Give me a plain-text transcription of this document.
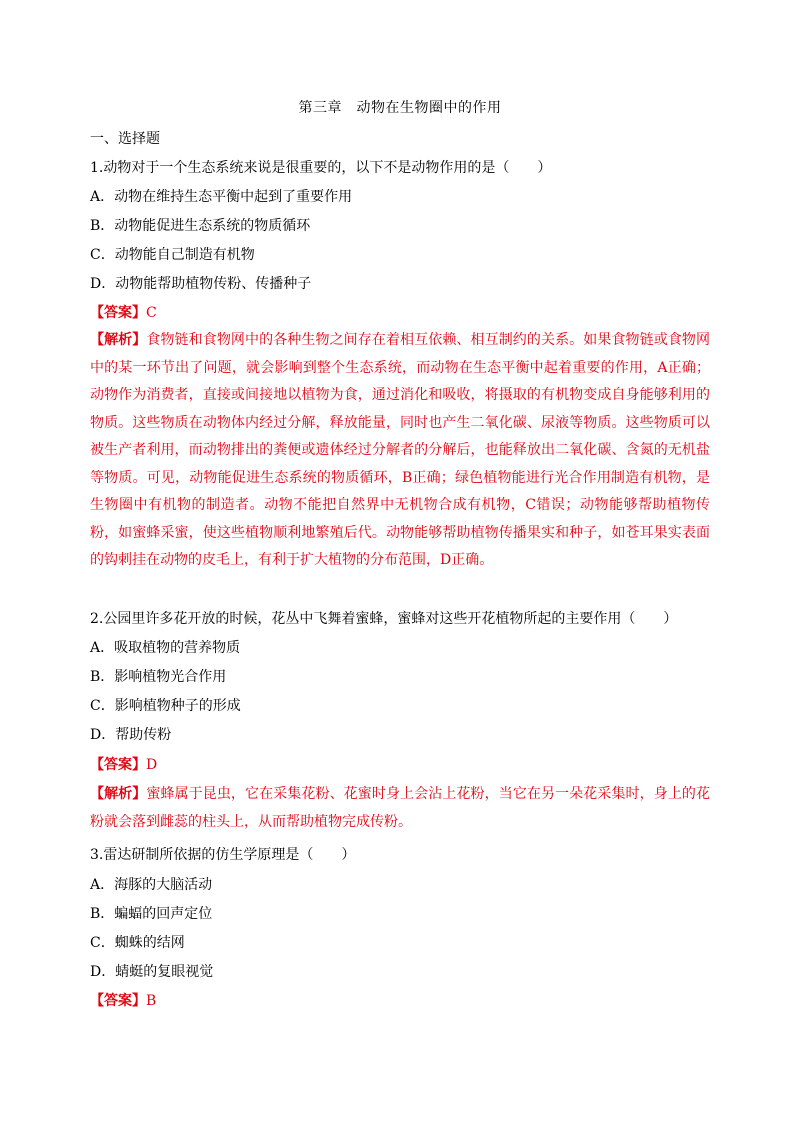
第三章　动物在生物圈中的作用
一、选择题
1.动物对于一个生态系统来说是很重要的，以下不是动物作用的是（　　）
A．动物在维持生态平衡中起到了重要作用
B．动物能促进生态系统的物质循环
C．动物能自己制造有机物
D．动物能帮助植物传粉、传播种子
【答案】C
【解析】食物链和食物网中的各种生物之间存在着相互依赖、相互制约的关系。如果食物链或食物网中的某一环节出了问题，就会影响到整个生态系统，而动物在生态平衡中起着重要的作用，A正确；动物作为消费者，直接或间接地以植物为食，通过消化和吸收，将摄取的有机物变成自身能够利用的物质。这些物质在动物体内经过分解，释放能量，同时也产生二氧化碳、尿液等物质。这些物质可以被生产者利用，而动物排出的粪便或遗体经过分解者的分解后，也能释放出二氧化碳、含氮的无机盐等物质。可见，动物能促进生态系统的物质循环，B正确；绿色植物能进行光合作用制造有机物，是生物圈中有机物的制造者。动物不能把自然界中无机物合成有机物，C错误；动物能够帮助植物传粉，如蜜蜂采蜜，使这些植物顺利地繁殖后代。动物能够帮助植物传播果实和种子，如苍耳果实表面的钩刺挂在动物的皮毛上，有利于扩大植物的分布范围，D正确。
2.公园里许多花开放的时候，花丛中飞舞着蜜蜂，蜜蜂对这些开花植物所起的主要作用（　　）
A．吸取植物的营养物质
B．影响植物光合作用
C．影响植物种子的形成
D．帮助传粉
【答案】D
【解析】蜜蜂属于昆虫，它在采集花粉、花蜜时身上会沾上花粉，当它在另一朵花采集时，身上的花粉就会落到雌蕊的柱头上，从而帮助植物完成传粉。
3.雷达研制所依据的仿生学原理是（　　）
A．海豚的大脑活动
B．蝙蝠的回声定位
C．蜘蛛的结网
D．蜻蜓的复眼视觉
【答案】B
